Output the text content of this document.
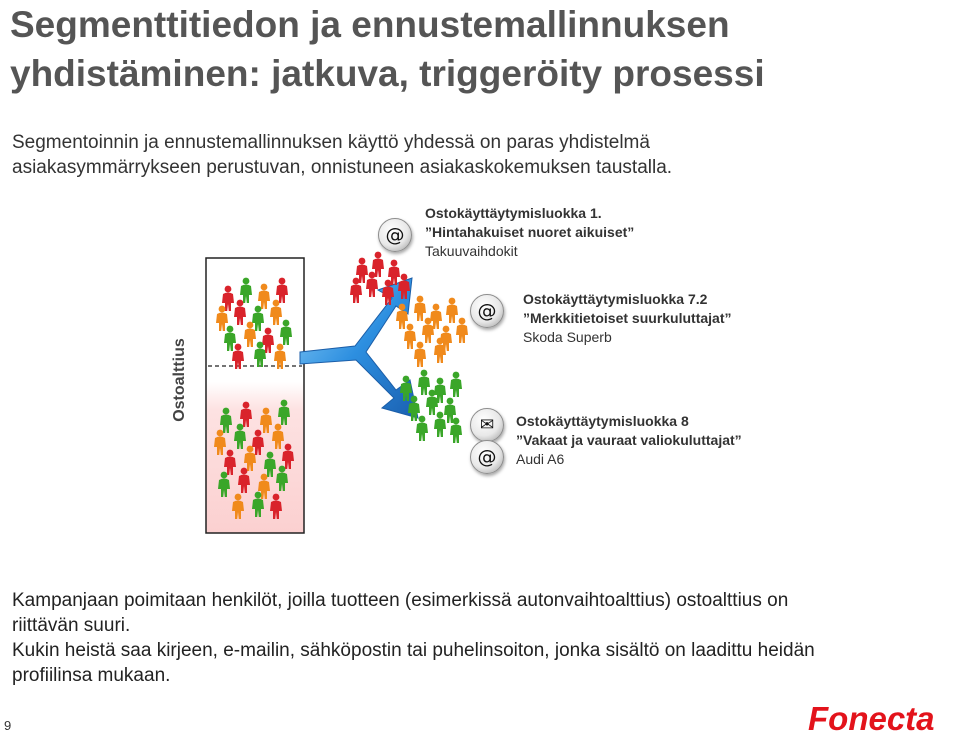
Segmenttitiedon ja ennustemallinnuksen
yhdistäminen: jatkuva, triggeröity prosessi
Segmentoinnin ja ennustemallinnuksen käyttö yhdessä on paras yhdistelmä
asiakasymmärrykseen perustuvan, onnistuneen asiakaskokemuksen taustalla.
@
Ostokäyttäytymisluokka 1.
”Hintahakuiset nuoret aikuiset”
Takuuvaihdokit
@
Ostokäyttäytymisluokka 7.2
”Merkkitietoiset suurkuluttajat”
Skoda Superb
✉
@
Ostokäyttäytymisluokka 8
”Vakaat ja vauraat valiokuluttajat”
Audi A6
Ostoalttius
Kampanjaan poimitaan henkilöt, joilla tuotteen (esimerkissä autonvaihtoalttius) ostoalttius on
riittävän suuri.
Kukin heistä saa kirjeen, e-mailin, sähköpostin tai puhelinsoiton, jonka sisältö on laadittu heidän
profiilinsa mukaan.
9	Fonecta
